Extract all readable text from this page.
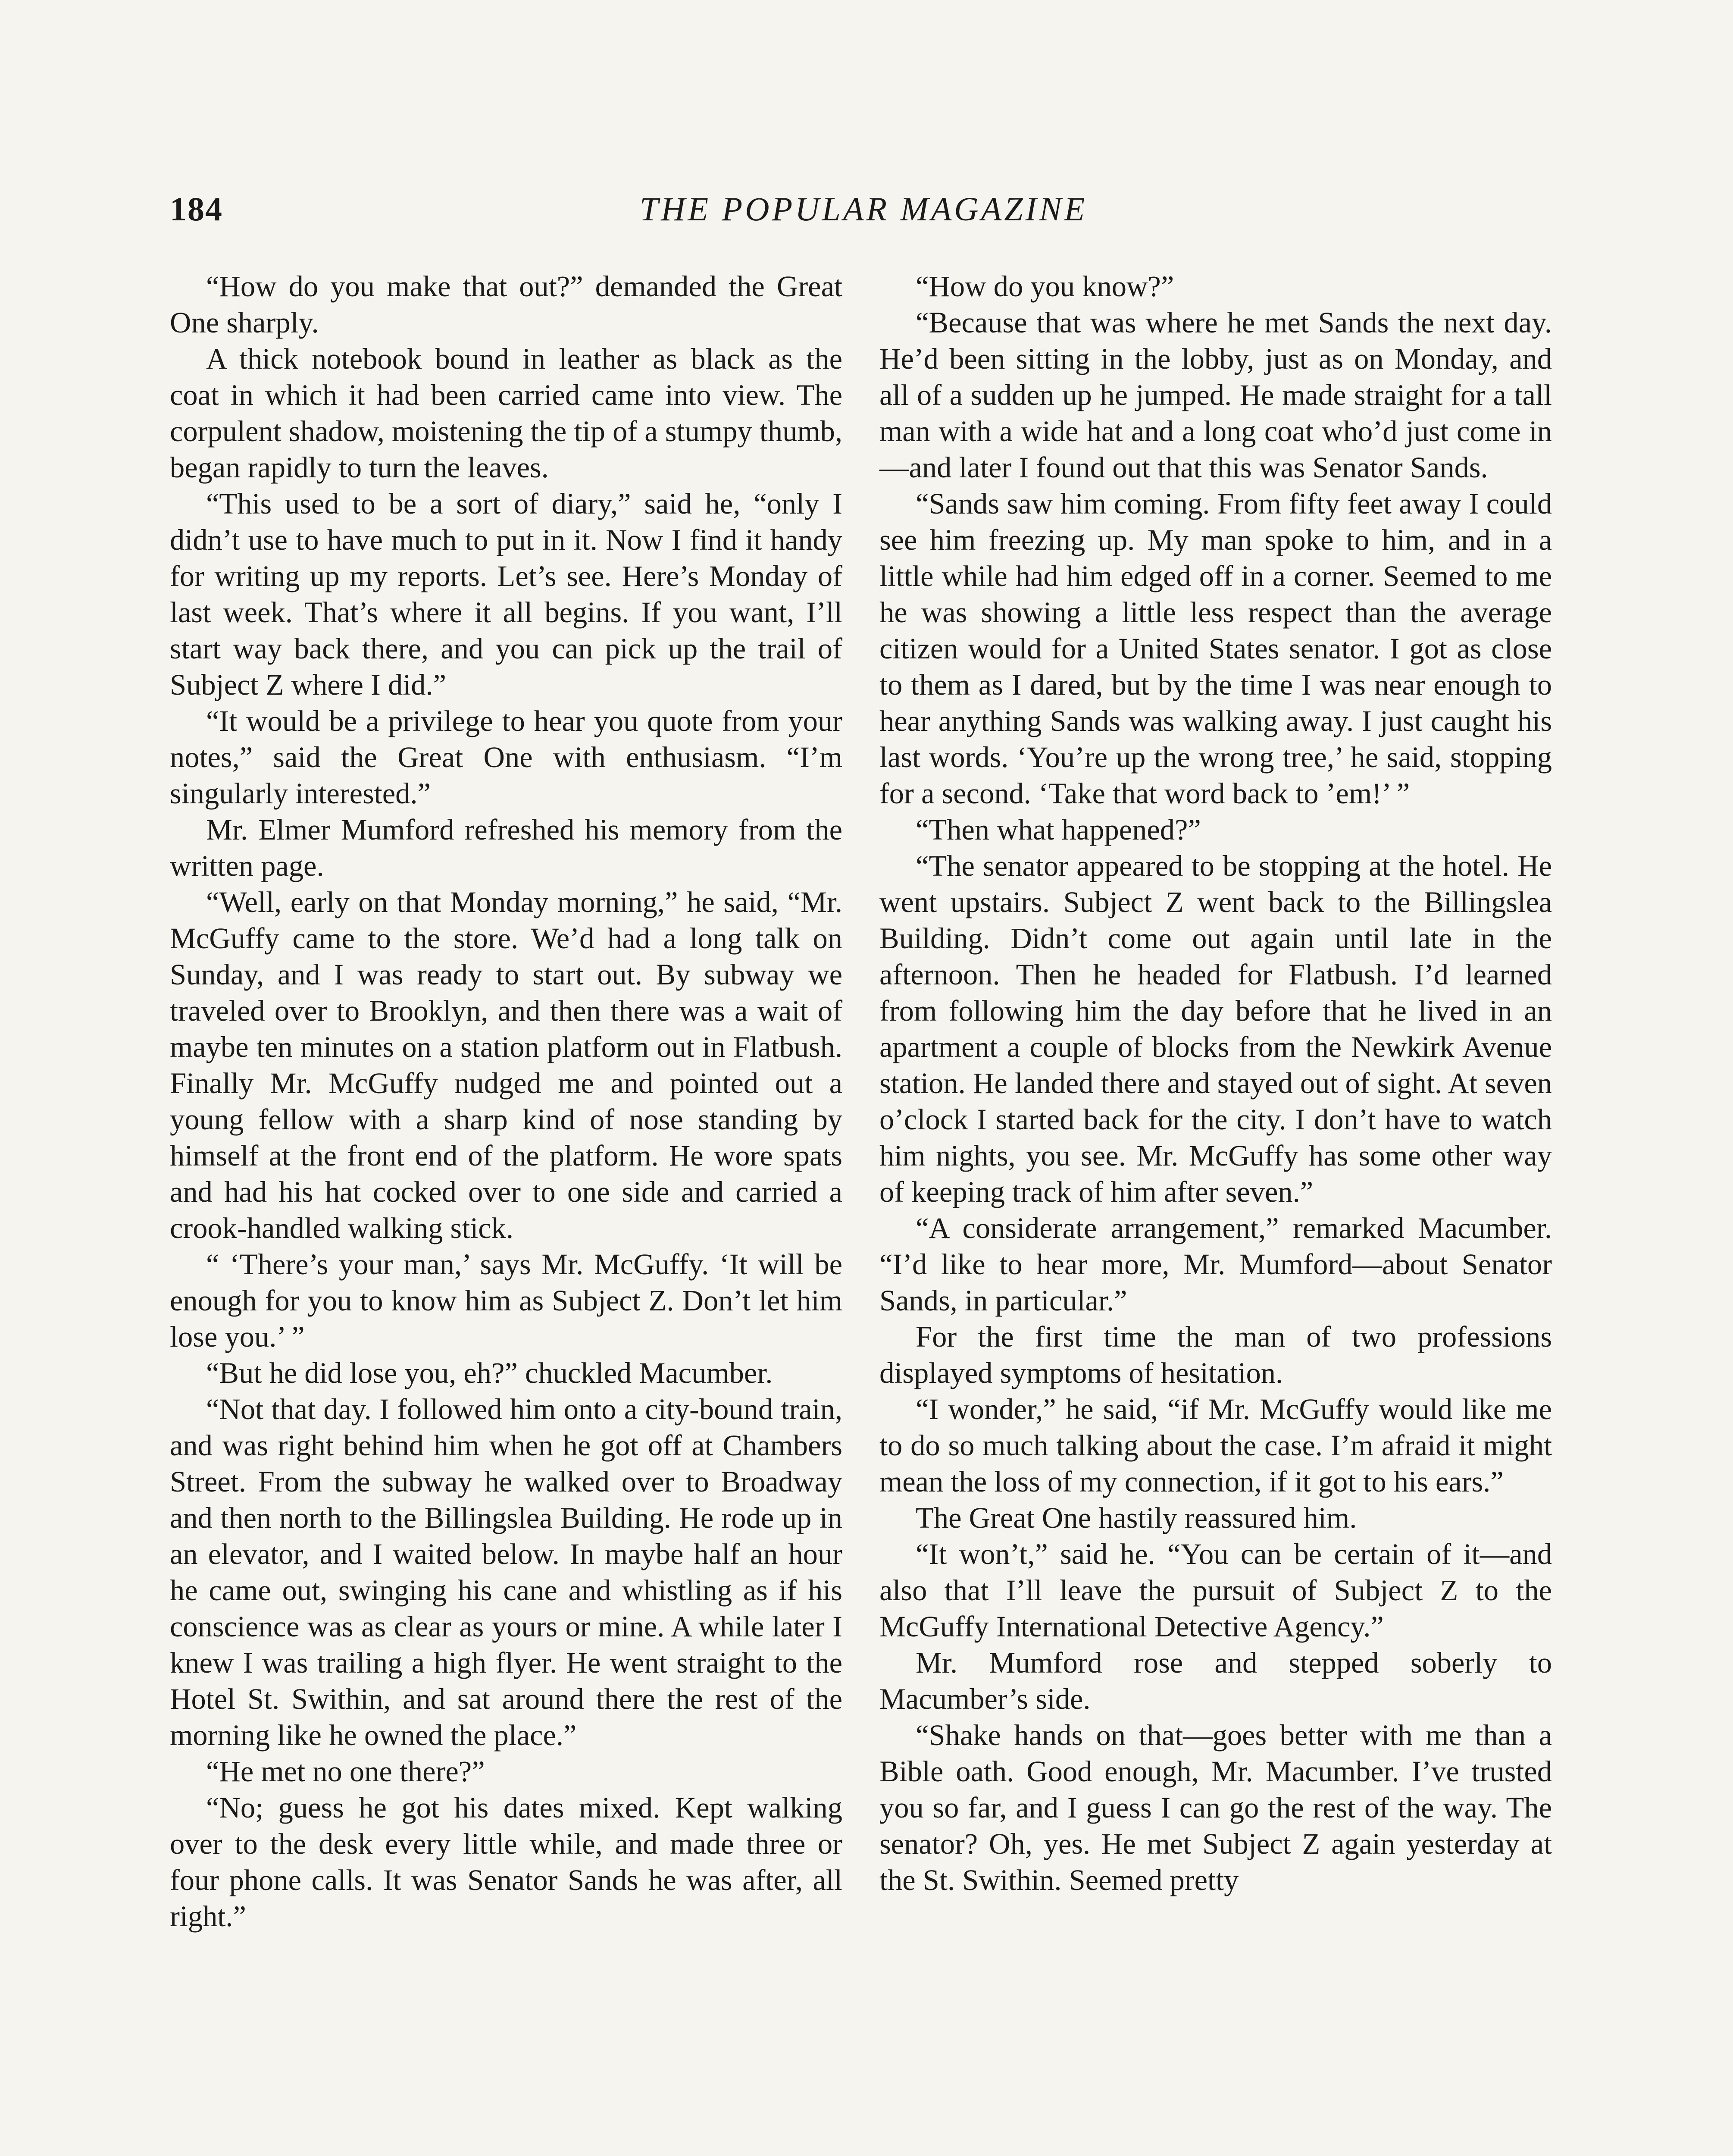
184	THE POPULAR MAGAZINE

“How do you make that out?” demanded the Great One sharply.

A thick notebook bound in leather as black as the coat in which it had been carried came into view. The corpulent shadow, moistening the tip of a stumpy thumb, began rapidly to turn the leaves.

“This used to be a sort of diary,” said he, “only I didn’t use to have much to put in it. Now I find it handy for writing up my reports. Let’s see. Here’s Monday of last week. That’s where it all begins. If you want, I’ll start way back there, and you can pick up the trail of Subject Z where I did.”

“It would be a privilege to hear you quote from your notes,” said the Great One with enthusiasm. “I’m singularly interested.”

Mr. Elmer Mumford refreshed his memory from the written page.

“Well, early on that Monday morning,” he said, “Mr. McGuffy came to the store. We’d had a long talk on Sunday, and I was ready to start out. By subway we traveled over to Brooklyn, and then there was a wait of maybe ten minutes on a station platform out in Flatbush. Finally Mr. McGuffy nudged me and pointed out a young fellow with a sharp kind of nose standing by himself at the front end of the platform. He wore spats and had his hat cocked over to one side and carried a crook-handled walking stick.

“ ‘There’s your man,’ says Mr. McGuffy. ‘It will be enough for you to know him as Subject Z. Don’t let him lose you.’ ”

“But he did lose you, eh?” chuckled Macumber.

“Not that day. I followed him onto a city-bound train, and was right behind him when he got off at Chambers Street. From the subway he walked over to Broadway and then north to the Billingslea Building. He rode up in an elevator, and I waited below. In maybe half an hour he came out, swinging his cane and whistling as if his conscience was as clear as yours or mine. A while later I knew I was trailing a high flyer. He went straight to the Hotel St. Swithin, and sat around there the rest of the morning like he owned the place.”

“He met no one there?”

“No; guess he got his dates mixed. Kept walking over to the desk every little while, and made three or four phone calls. It was Senator Sands he was after, all right.”

“How do you know?”

“Because that was where he met Sands the next day. He’d been sitting in the lobby, just as on Monday, and all of a sudden up he jumped. He made straight for a tall man with a wide hat and a long coat who’d just come in—and later I found out that this was Senator Sands.

“Sands saw him coming. From fifty feet away I could see him freezing up. My man spoke to him, and in a little while had him edged off in a corner. Seemed to me he was showing a little less respect than the average citizen would for a United States senator. I got as close to them as I dared, but by the time I was near enough to hear anything Sands was walking away. I just caught his last words. ‘You’re up the wrong tree,’ he said, stopping for a second. ‘Take that word back to ’em!’ ”

“Then what happened?”

“The senator appeared to be stopping at the hotel. He went upstairs. Subject Z went back to the Billingslea Building. Didn’t come out again until late in the afternoon. Then he headed for Flatbush. I’d learned from following him the day before that he lived in an apartment a couple of blocks from the Newkirk Avenue station. He landed there and stayed out of sight. At seven o’clock I started back for the city. I don’t have to watch him nights, you see. Mr. McGuffy has some other way of keeping track of him after seven.”

“A considerate arrangement,” remarked Macumber. “I’d like to hear more, Mr. Mumford—about Senator Sands, in particular.”

For the first time the man of two professions displayed symptoms of hesitation.

“I wonder,” he said, “if Mr. McGuffy would like me to do so much talking about the case. I’m afraid it might mean the loss of my connection, if it got to his ears.”

The Great One hastily reassured him.

“It won’t,” said he. “You can be certain of it—and also that I’ll leave the pursuit of Subject Z to the McGuffy International Detective Agency.”

Mr. Mumford rose and stepped soberly to Macumber’s side.

“Shake hands on that—goes better with me than a Bible oath. Good enough, Mr. Macumber. I’ve trusted you so far, and I guess I can go the rest of the way. The senator? Oh, yes. He met Subject Z again yesterday at the St. Swithin. Seemed pretty
